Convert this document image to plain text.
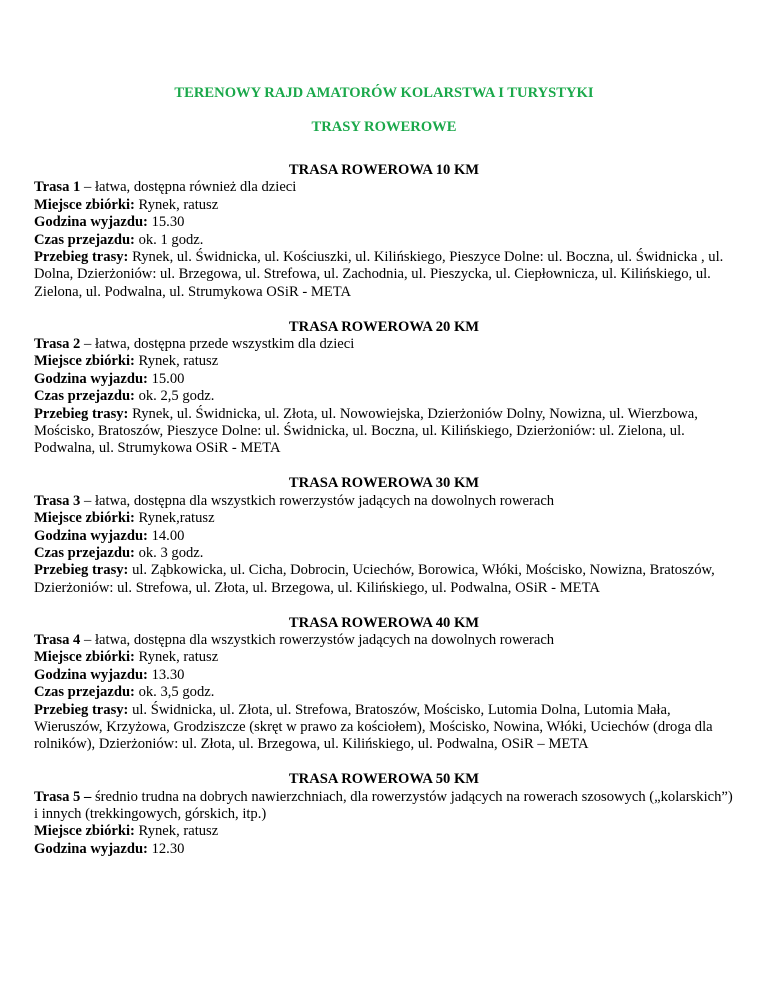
TERENOWY RAJD AMATORÓW KOLARSTWA I TURYSTYKI
TRASY ROWEROWE

TRASA ROWEROWA 10 KM

Trasa 1 – łatwa, dostępna również dla dzieci

Miejsce zbiórki: Rynek, ratusz

Godzina wyjazdu: 15.30

Czas przejazdu: ok. 1 godz.

Przebieg trasy: Rynek, ul. Świdnicka, ul. Kościuszki, ul. Kilińskiego, Pieszyce Dolne: ul. Boczna, ul. Świdnicka , ul. Dolna, Dzierżoniów: ul. Brzegowa, ul. Strefowa, ul. Zachodnia, ul. Pieszycka, ul. Ciepłownicza, ul. Kilińskiego, ul. Zielona, ul. Podwalna, ul. Strumykowa OSiR - META

TRASA ROWEROWA 20 KM

Trasa 2 – łatwa, dostępna przede wszystkim dla dzieci

Miejsce zbiórki: Rynek, ratusz

Godzina wyjazdu: 15.00

Czas przejazdu: ok. 2,5 godz.

Przebieg trasy: Rynek, ul. Świdnicka, ul. Złota, ul. Nowowiejska, Dzierżoniów Dolny, Nowizna, ul. Wierzbowa, Mościsko, Bratoszów, Pieszyce Dolne: ul. Świdnicka, ul. Boczna, ul. Kilińskiego, Dzierżoniów: ul. Zielona, ul. Podwalna, ul. Strumykowa OSiR - META

TRASA ROWEROWA 30 KM

Trasa 3 – łatwa, dostępna dla wszystkich rowerzystów jadących na dowolnych rowerach

Miejsce zbiórki: Rynek,ratusz

Godzina wyjazdu: 14.00

Czas przejazdu: ok. 3 godz.

Przebieg trasy: ul. Ząbkowicka, ul. Cicha, Dobrocin, Uciechów, Borowica, Włóki, Mościsko, Nowizna, Bratoszów, Dzierżoniów: ul. Strefowa, ul. Złota, ul. Brzegowa, ul. Kilińskiego, ul. Podwalna, OSiR - META

TRASA ROWEROWA 40 KM

Trasa 4 – łatwa, dostępna dla wszystkich rowerzystów jadących na dowolnych rowerach

Miejsce zbiórki: Rynek, ratusz

Godzina wyjazdu: 13.30

Czas przejazdu: ok. 3,5 godz.

Przebieg trasy: ul. Świdnicka, ul. Złota, ul. Strefowa, Bratoszów, Mościsko, Lutomia Dolna, Lutomia Mała, Wieruszów, Krzyżowa, Grodziszcze (skręt w prawo za kościołem), Mościsko, Nowina, Włóki, Uciechów (droga dla rolników), Dzierżoniów: ul. Złota, ul. Brzegowa, ul. Kilińskiego, ul. Podwalna, OSiR – META

TRASA ROWEROWA 50 KM

Trasa 5 – średnio trudna na dobrych nawierzchniach, dla rowerzystów jadących na rowerach szosowych („kolarskich”) i innych (trekkingowych, górskich, itp.)

Miejsce zbiórki: Rynek, ratusz

Godzina wyjazdu: 12.30
